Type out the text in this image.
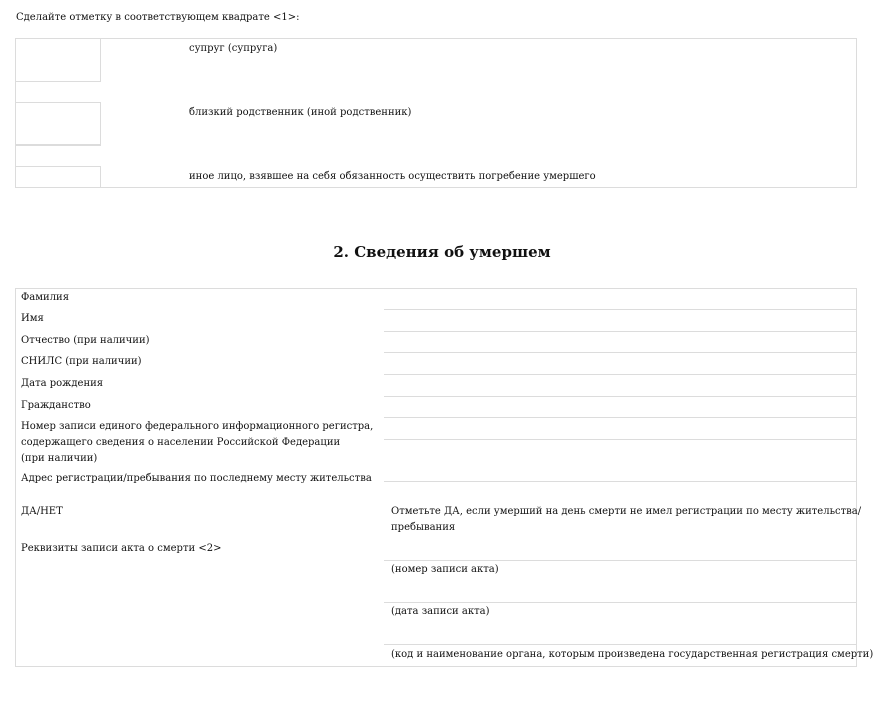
Сделайте отметку в соответствующем квадрате <1>:
супруг (супруга)
близкий родственник (иной родственник)
иное лицо, взявшее на себя обязанность осуществить погребение умершего
2. Сведения об умершем
Фамилия
Имя
Отчество (при наличии)
СНИЛС (при наличии)
Дата рождения
Гражданство
Номер записи единого федерального информационного регистра,
содержащего сведения о населении Российской Федерации
(при наличии)
Адрес регистрации/пребывания по последнему месту жительства
ДА/НЕТ
Реквизиты записи акта о смерти <2>
Отметьте ДА, если умерший на день смерти не имел регистрации по месту жительства/
пребывания
(номер записи акта)
(дата записи акта)
(код и наименование органа, которым произведена государственная регистрация смерти)
